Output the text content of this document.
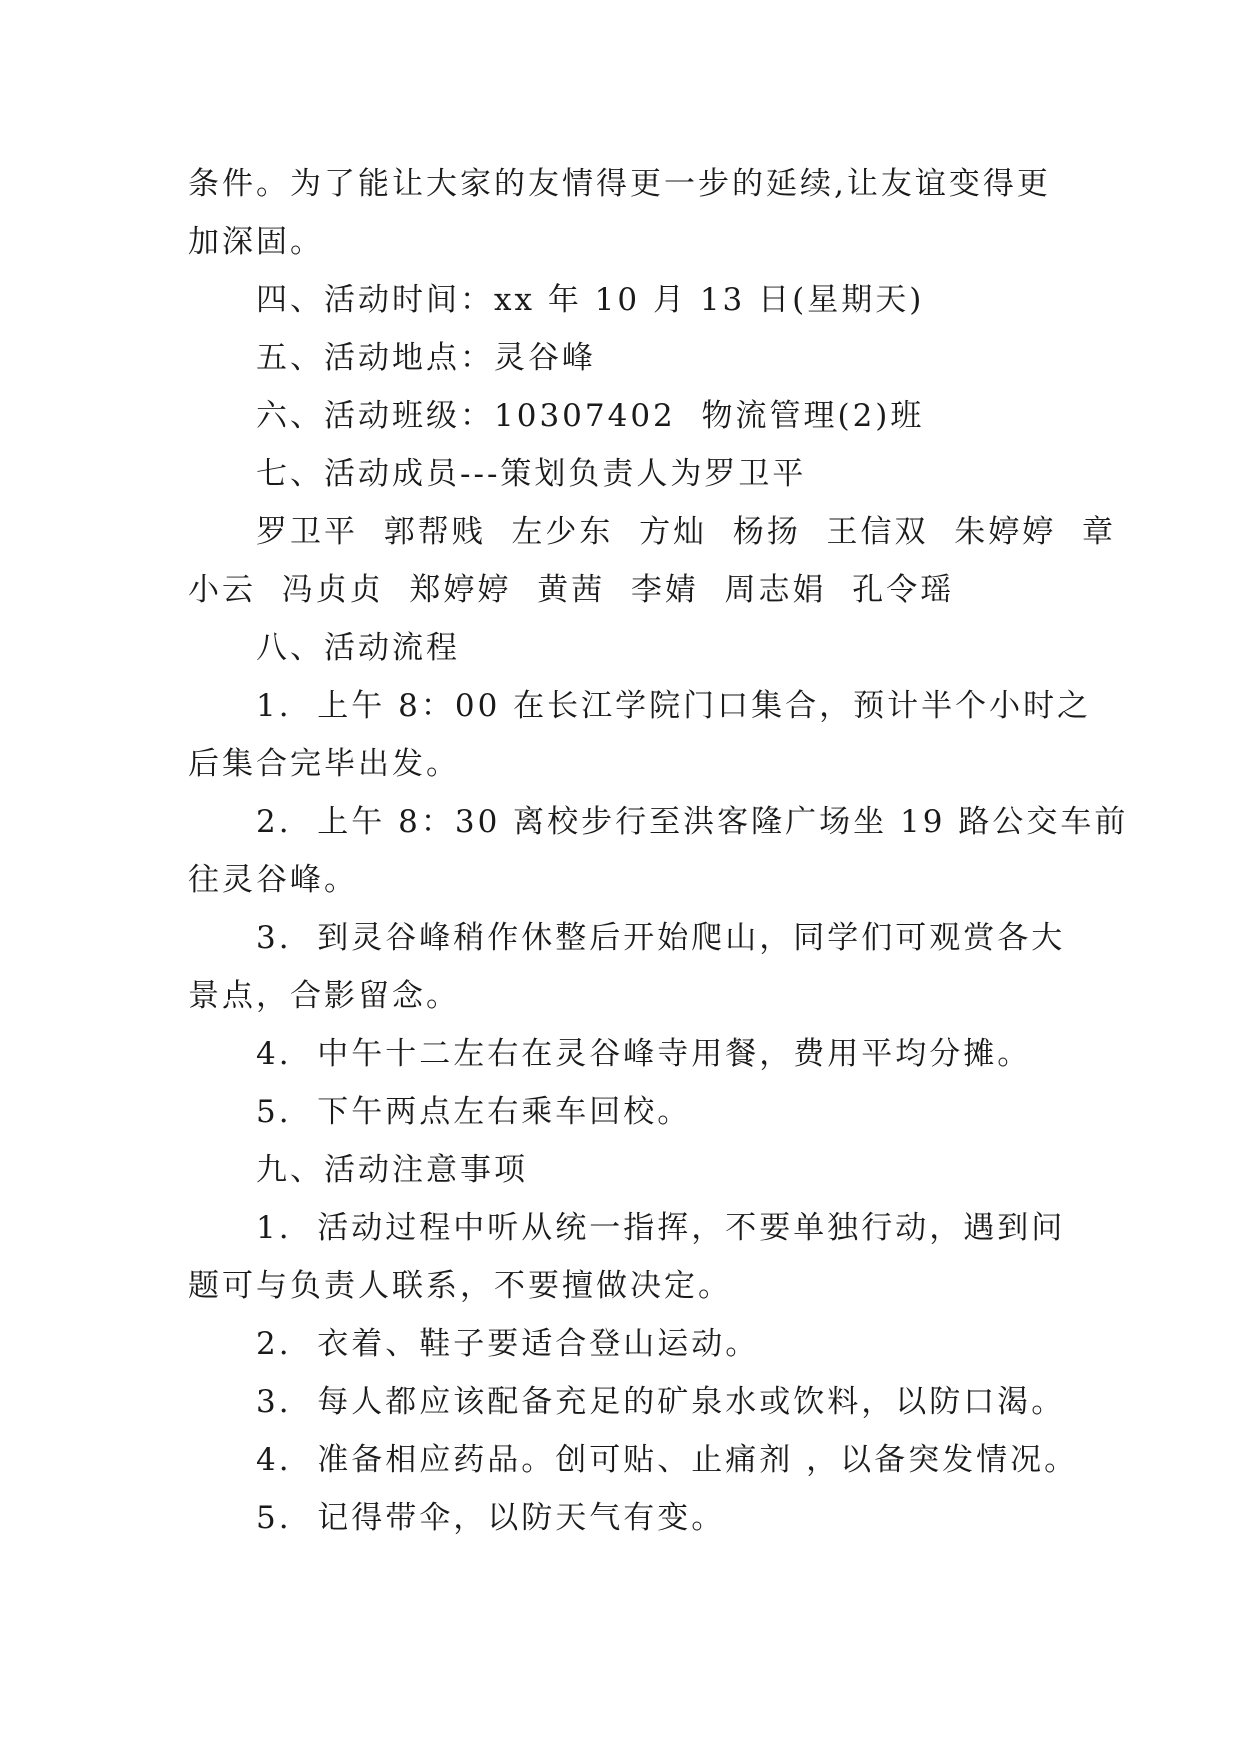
条件。为了能让大家的友情得更一步的延续,让友谊变得更
加深固。
四、活动时间：xx 年 10 月 13 日(星期天)
五、活动地点：灵谷峰
六、活动班级：10307402  物流管理(2)班
七、活动成员---策划负责人为罗卫平
罗卫平  郭帮贱  左少东  方灿  杨扬  王信双  朱婷婷  章
小云  冯贞贞  郑婷婷  黄茜  李婧  周志娟  孔令瑶
八、活动流程
1.  上午 8：00 在长江学院门口集合，预计半个小时之
后集合完毕出发。
2.  上午 8：30 离校步行至洪客隆广场坐 19 路公交车前
往灵谷峰。
3.  到灵谷峰稍作休整后开始爬山，同学们可观赏各大
景点，合影留念。
4.  中午十二左右在灵谷峰寺用餐，费用平均分摊。
5.  下午两点左右乘车回校。
九、活动注意事项
1.  活动过程中听从统一指挥，不要单独行动，遇到问
题可与负责人联系，不要擅做决定。
2.  衣着、鞋子要适合登山运动。
3.  每人都应该配备充足的矿泉水或饮料，以防口渴。
4.  准备相应药品。创可贴、止痛剂 ，以备突发情况。
5.  记得带伞，以防天气有变。
